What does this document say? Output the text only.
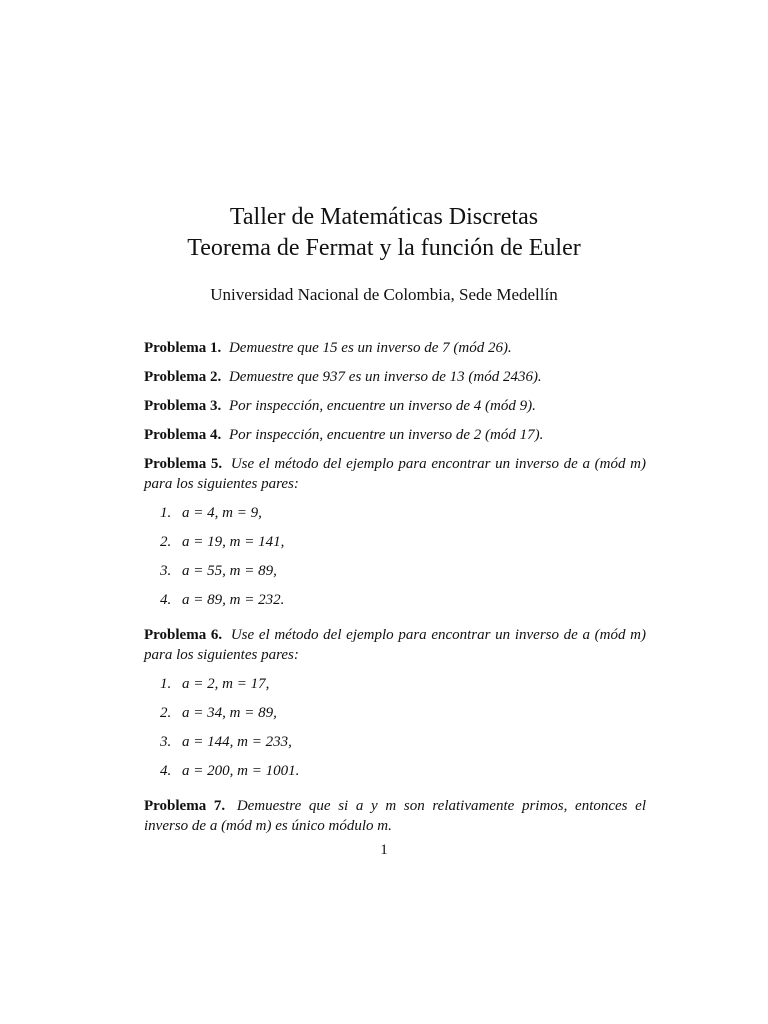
Taller de Matemáticas Discretas
Teorema de Fermat y la función de Euler
Universidad Nacional de Colombia, Sede Medellín

Problema 1. Demuestre que 15 es un inverso de 7 (mód 26).

Problema 2. Demuestre que 937 es un inverso de 13 (mód 2436).

Problema 3. Por inspección, encuentre un inverso de 4 (mód 9).

Problema 4. Por inspección, encuentre un inverso de 2 (mód 17).

Problema 5. Use el método del ejemplo para encontrar un inverso de a (mód m) para los siguientes pares:

1. a = 4, m = 9,
2. a = 19, m = 141,
3. a = 55, m = 89,
4. a = 89, m = 232.

Problema 6. Use el método del ejemplo para encontrar un inverso de a (mód m) para los siguientes pares:

1. a = 2, m = 17,
2. a = 34, m = 89,
3. a = 144, m = 233,
4. a = 200, m = 1001.

Problema 7. Demuestre que si a y m son relativamente primos, entonces el inverso de a (mód m) es único módulo m.

1
